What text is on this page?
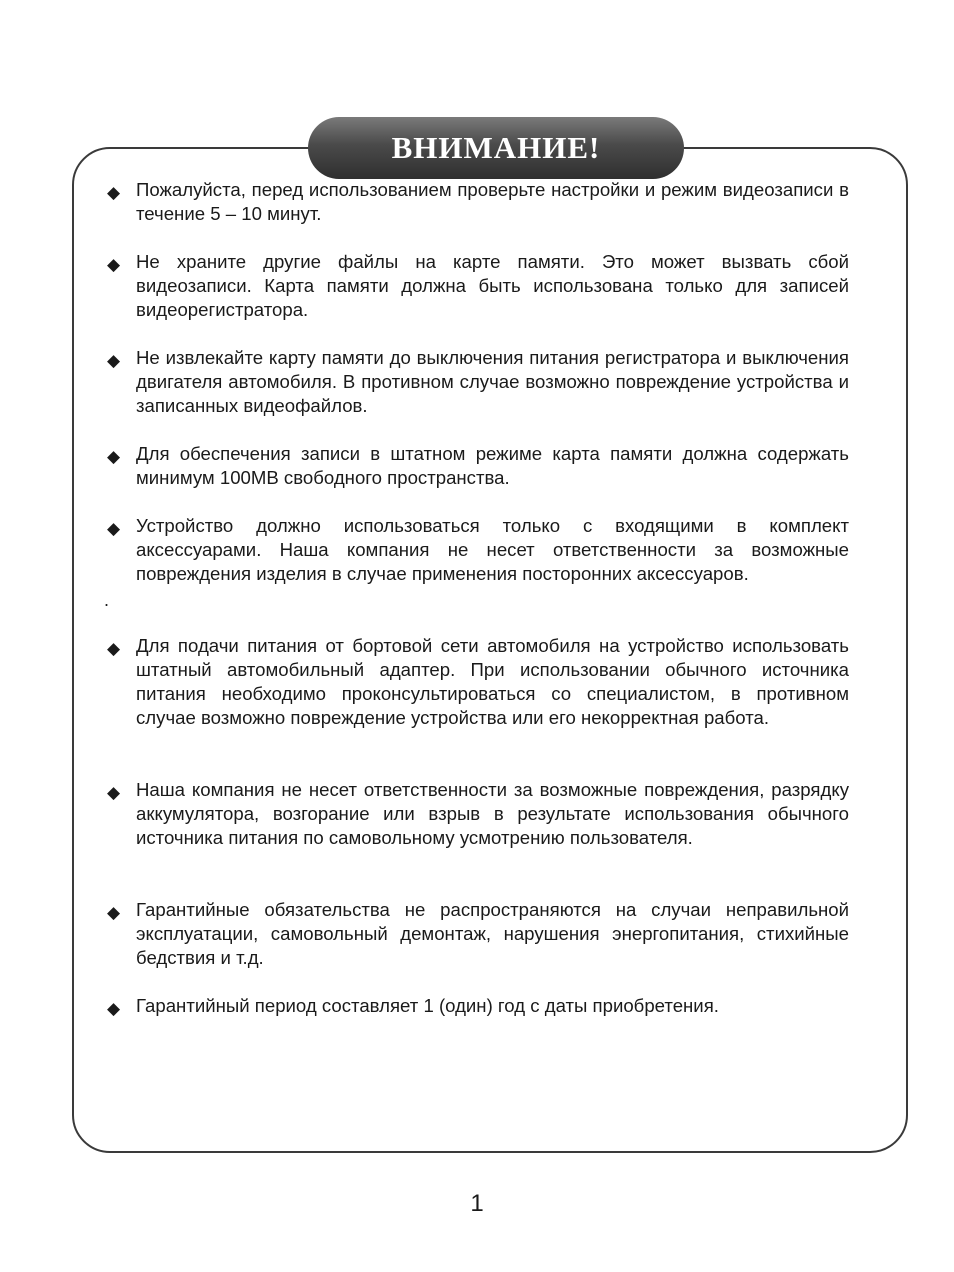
ВНИМАНИЕ!
◆ Пожалуйста, перед использованием проверьте настройки и режим видеозаписи в течение 5 – 10 минут.
◆ Не храните другие файлы на карте памяти. Это может вызвать сбой видеозаписи. Карта памяти должна быть использована только для записей видеорегистратора.
◆ Не извлекайте карту памяти до выключения питания регистратора и выключения двигателя автомобиля. В противном случае возможно повреждение устройства и записанных видеофайлов.
◆ Для обеспечения записи в штатном режиме карта памяти должна содержать минимум 100МВ свободного пространства.
◆ Устройство должно использоваться только с входящими в комплект аксессуарами. Наша компания не несет ответственности за возможные повреждения изделия в случае применения посторонних аксессуаров.
◆ Для подачи питания от бортовой сети автомобиля на устройство использовать штатный автомобильный адаптер. При использовании обычного источника питания необходимо проконсультироваться со специалистом, в противном случае возможно повреждение устройства или его некорректная работа.
◆ Наша компания не несет ответственности за возможные повреждения, разрядку аккумулятора, возгорание или взрыв в результате использования обычного источника питания по самовольному усмотрению пользователя.
◆ Гарантийные обязательства не распространяются на случаи неправильной эксплуатации, самовольный демонтаж, нарушения энергопитания, стихийные бедствия и т.д.
◆ Гарантийный период составляет 1 (один) год с даты приобретения.
.
1
